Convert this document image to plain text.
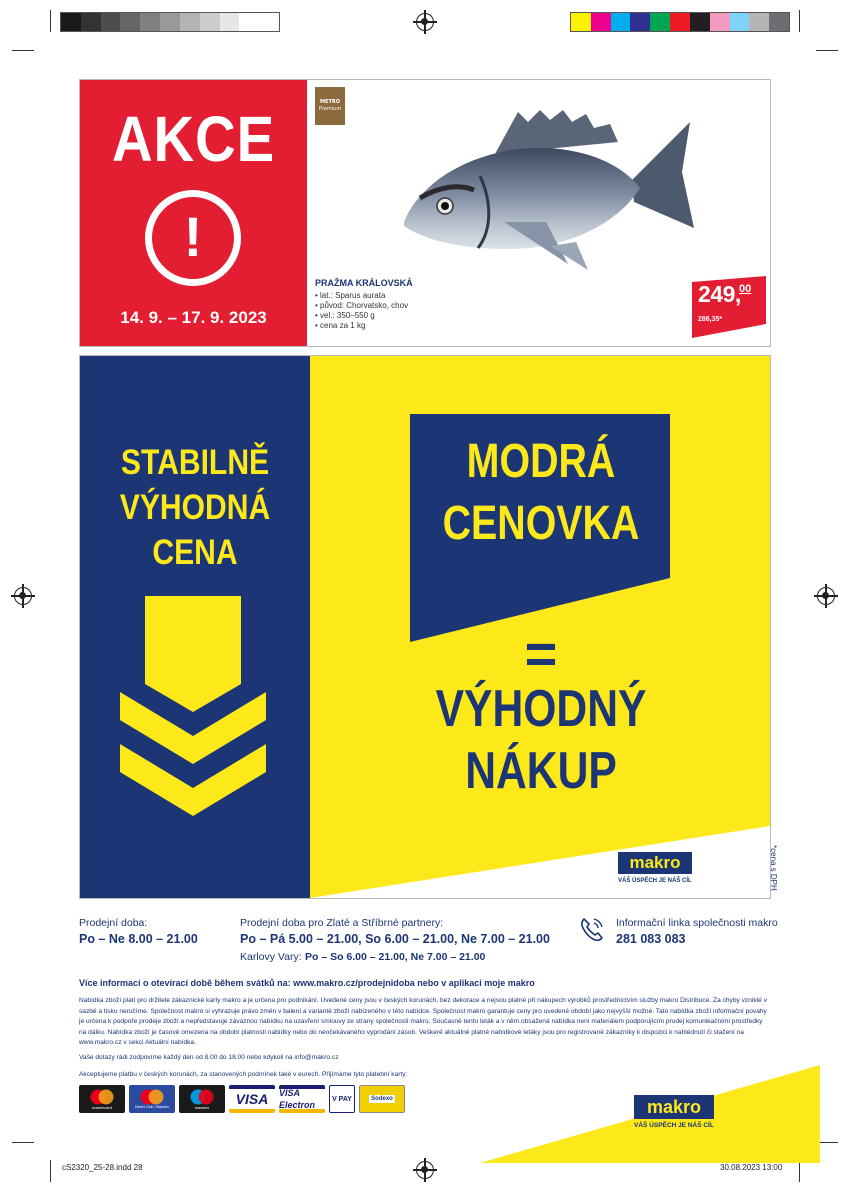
AKCE
!
14. 9. – 17. 9. 2023
METRO
Premium
PRAŽMA KRÁLOVSKÁ
• lat.: Sparus aurata
• původ: Chorvatsko, chov
• vel.: 350–550 g
• cena za 1 kg
249,
00
286,35*
STABILNĚ
VÝHODNÁ
CENA
MODRÁ
CENOVKA
=
VÝHODNÝ
NÁKUP
makro
VÁŠ ÚSPĚCH JE NÁŠ CÍL	*cena s DPH
Prodejní doba:
Po – Ne 8.00 – 21.00
Prodejní doba pro Zlaté a Stříbrné partnery:
Po – Pá 5.00 – 21.00, So 6.00 – 21.00, Ne 7.00 – 21.00
Karlovy Vary: Po – So 6.00 – 21.00, Ne 7.00 – 21.00
Informační linka společnosti makro
281 083 083
Více informací o otevírací době během svátků na: www.makro.cz/prodejnidoba nebo v aplikaci moje makro
Nabídka zboží platí pro držitele zákaznické karty makro a je určena pro podnikání. Uvedené ceny jsou v českých korunách, bez dekorace a nejsou platné při nákupech výrobků prostřednictvím služby makro Distribuce. Za chyby vzniklé v sazbě a tisku neručíme. Společnost makro si vyhrazuje právo změn v balení a variantě zboží nabízeného v této nabídce. Společnost makro garantuje ceny pro uvedené období jako nejvyšší možné. Tato nabídka zboží informační povahy je určena k podpoře prodeje zboží a nepředstavuje závaznou nabídku na uzavření smlouvy ze strany společnosti makro. Současně tento leták a v něm obsažená nabídka není materiálem podporujícím prodej komunikačními prostředky na dálku. Nabídka zboží je časově omezena na období platnosti nabídky nebo do neočekávaného vyprodání zásob. Veškeré aktuálně platné nabídkové letáky jsou pro registrované zákazníky k dispozici k nahlédnutí či stažení na www.makro.cz v sekci Aktuální nabídka.
Vaše dotazy rádi zodpovíme každý den od 8.00 do 18.00 nebo kdykoli na info@makro.cz
Akceptujeme platbu v českých korunách, za stanovených podmínek také v eurech. Přijímáme tyto platební karty:
mastercard	Diners Club / Maestro	maestro VISA VISA Electron
V PAY	Sodexo	makro
VÁŠ ÚSPĚCH JE NÁŠ CÍL
cS2320_25-28.indd 28	30.08.2023 13:00
